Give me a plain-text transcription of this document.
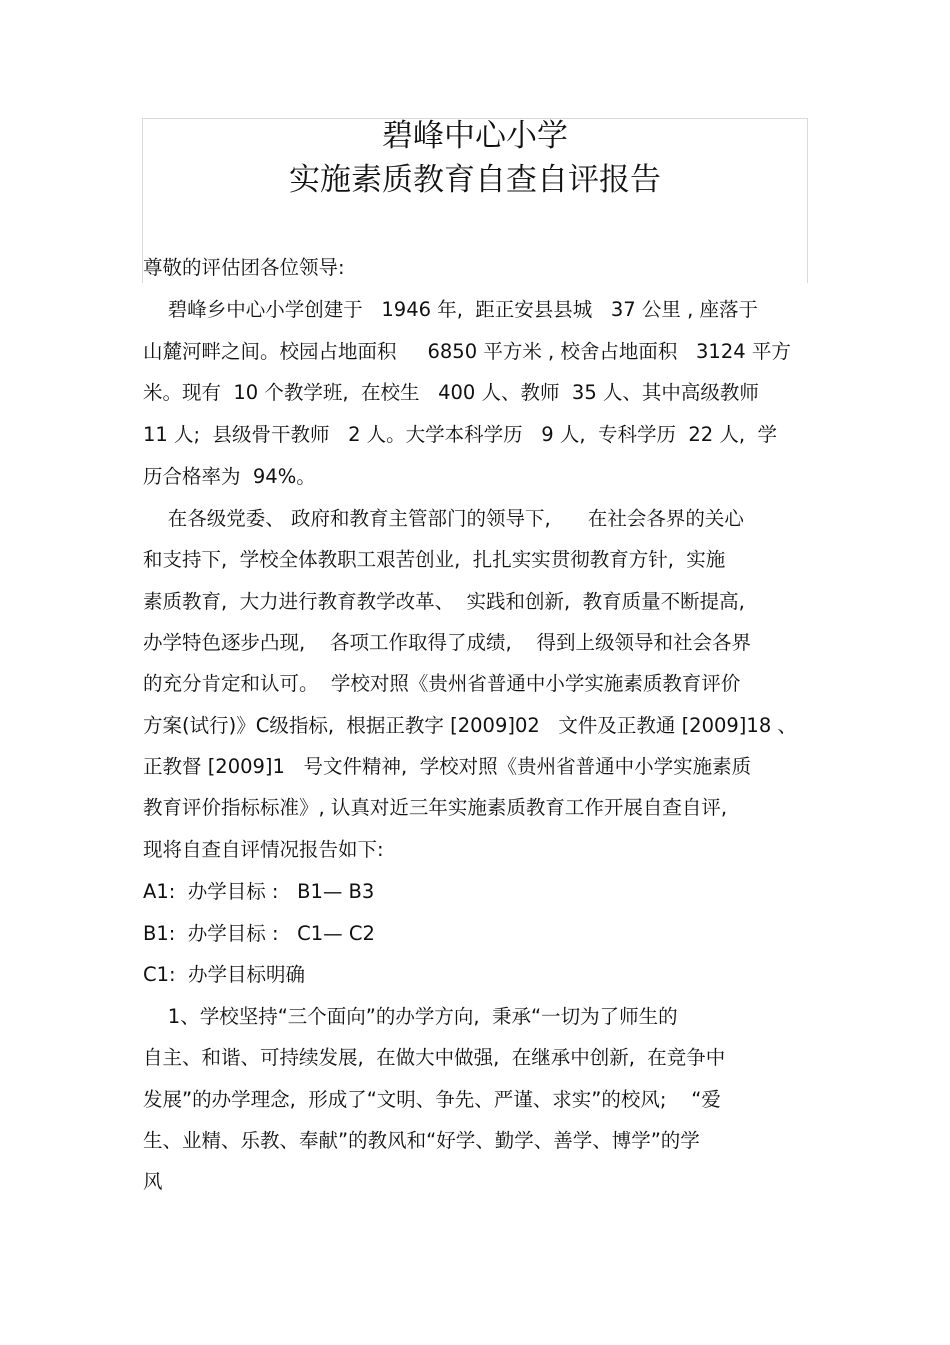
碧峰中心小学
实施素质教育自查自评报告

尊敬的评估团各位领导:

碧峰乡中心小学创建于   1946 年,  距正安县县城   37 公里 , 座落于

山麓河畔之间。校园占地面积     6850 平方米 , 校舍占地面积   3124 平方

米。现有  10 个教学班,  在校生   400 人、教师  35 人、其中高级教师

11 人;  县级骨干教师   2 人。大学本科学历   9 人,  专科学历  22 人,  学

历合格率为  94%。

在各级党委、 政府和教育主管部门的领导下,      在社会各界的关心

和支持下,  学校全体教职工艰苦创业,  扎扎实实贯彻教育方针,  实施

素质教育,  大力进行教育教学改革、  实践和创新,  教育质量不断提高,

办学特色逐步凸现,    各项工作取得了成绩,    得到上级领导和社会各界

的充分肯定和认可。  学校对照《贵州省普通中小学实施素质教育评价

方案(试行)》C级指标,  根据正教字 [2009]02   文件及正教通 [2009]18 、

正教督 [2009]1   号文件精神,  学校对照《贵州省普通中小学实施素质

教育评价指标标准》, 认真对近三年实施素质教育工作开展自查自评,

现将自查自评情况报告如下:

A1:  办学目标 :   B1— B3

B1:  办学目标 :   C1— C2

C1:  办学目标明确

1、学校坚持“三个面向”的办学方向,  秉承“一切为了师生的

自主、和谐、可持续发展,  在做大中做强,  在继承中创新,  在竞争中

发展”的办学理念,  形成了“文明、争先、严谨、求实”的校风;    “爱

生、业精、乐教、奉献”的教风和“好学、勤学、善学、博学”的学

风
